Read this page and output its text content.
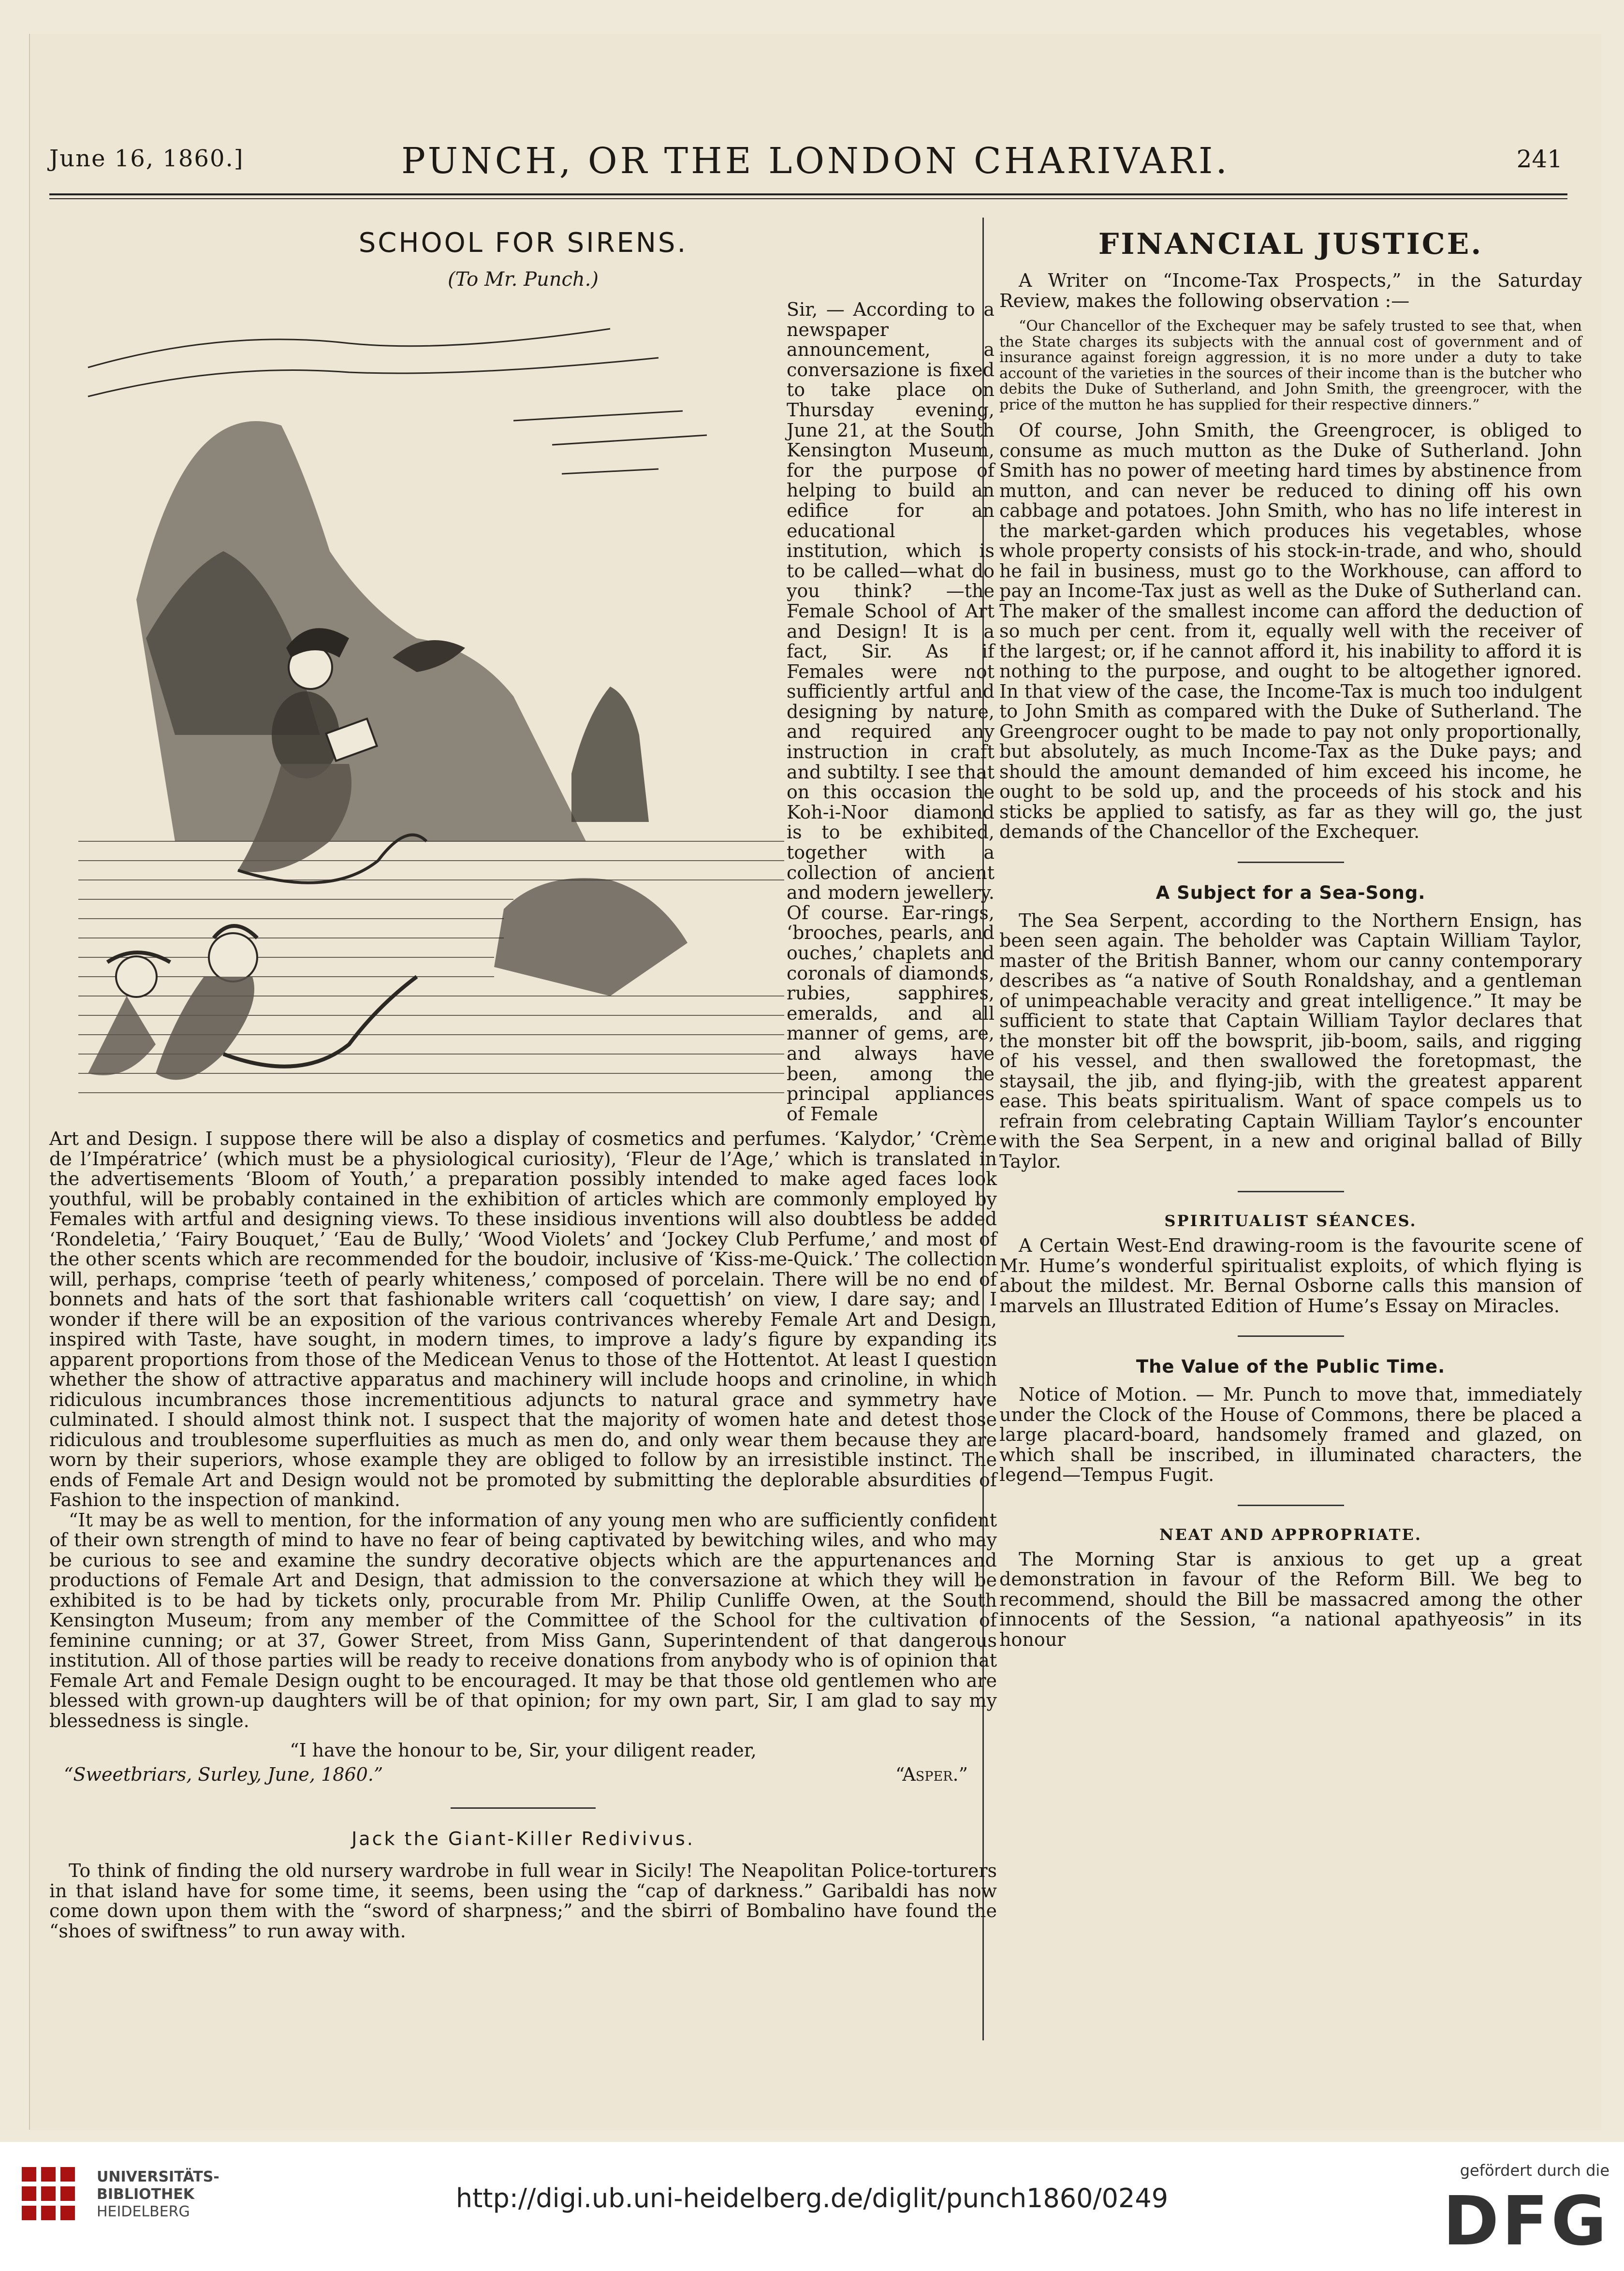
June 16, 1860.]	PUNCH, OR THE LONDON CHARIVARI.	241
SCHOOL FOR SIRENS.

(To Mr. Punch.)

Sir, — According to a newspaper announcement, a conversazione is fixed to take place on Thursday evening, June 21, at the South Kensington Museum, for the purpose of helping to build an edifice for an educational institution, which is to be called—what do you think? —the Female School of Art and Design! It is a fact, Sir. As if Females were not sufficiently artful and designing by nature, and required any instruction in craft and subtilty. I see that on this occasion the Koh-i-Noor diamond is to be exhibited, together with a collection of ancient and modern jewellery. Of course. Ear-rings, ‘brooches, pearls, and ouches,’ chaplets and coronals of diamonds, rubies, sapphires, emeralds, and all manner of gems, are, and always have been, among the principal appliances of Female

Art and Design. I suppose there will be also a display of cosmetics and perfumes. ‘Kalydor,’ ‘Crème de l’Impératrice’ (which must be a physiological curiosity), ‘Fleur de l’Age,’ which is translated in the advertisements ‘Bloom of Youth,’ a preparation possibly intended to make aged faces look youthful, will be probably contained in the exhibition of articles which are commonly employed by Females with artful and designing views. To these insidious inventions will also doubtless be added ‘Rondeletia,’ ‘Fairy Bouquet,’ ‘Eau de Bully,’ ‘Wood Violets’ and ‘Jockey Club Perfume,’ and most of the other scents which are recommended for the boudoir, inclusive of ‘Kiss-me-Quick.’ The collection will, perhaps, comprise ‘teeth of pearly whiteness,’ composed of porcelain. There will be no end of bonnets and hats of the sort that fashionable writers call ‘coquettish’ on view, I dare say; and I wonder if there will be an exposition of the various contrivances whereby Female Art and Design, inspired with Taste, have sought, in modern times, to improve a lady’s figure by expanding its apparent proportions from those of the Medicean Venus to those of the Hottentot. At least I question whether the show of attractive apparatus and machinery will include hoops and crinoline, in which ridiculous incumbrances those incrementitious adjuncts to natural grace and symmetry have culminated. I should almost think not. I suspect that the majority of women hate and detest those ridiculous and troublesome superfluities as much as men do, and only wear them because they are worn by their superiors, whose example they are obliged to follow by an irresistible instinct. The ends of Female Art and Design would not be promoted by submitting the deplorable absurdities of Fashion to the inspection of mankind.

“It may be as well to mention, for the information of any young men who are sufficiently confident of their own strength of mind to have no fear of being captivated by bewitching wiles, and who may be curious to see and examine the sundry decorative objects which are the appurtenances and productions of Female Art and Design, that admission to the conversazione at which they will be exhibited is to be had by tickets only, procurable from Mr. Philip Cunliffe Owen, at the South Kensington Museum; from any member of the Committee of the School for the cultivation of feminine cunning; or at 37, Gower Street, from Miss Gann, Superintendent of that dangerous institution. All of those parties will be ready to receive donations from anybody who is of opinion that Female Art and Female Design ought to be encouraged. It may be that those old gentlemen who are blessed with grown-up daughters will be of that opinion; for my own part, Sir, I am glad to say my blessedness is single.

“I have the honour to be, Sir, your diligent reader,

“Sweetbriars, Surley, June, 1860.”	“Asper.”
Jack the Giant-Killer Redivivus.

To think of finding the old nursery wardrobe in full wear in Sicily! The Neapolitan Police-torturers in that island have for some time, it seems, been using the “cap of darkness.” Garibaldi has now come down upon them with the “sword of sharpness;” and the sbirri of Bombalino have found the “shoes of swiftness” to run away with.

FINANCIAL JUSTICE.

A Writer on “Income-Tax Prospects,” in the Saturday Review, makes the following observation :—

“Our Chancellor of the Exchequer may be safely trusted to see that, when the State charges its subjects with the annual cost of government and of insurance against foreign aggression, it is no more under a duty to take account of the varieties in the sources of their income than is the butcher who debits the Duke of Sutherland, and John Smith, the greengrocer, with the price of the mutton he has supplied for their respective dinners.”

Of course, John Smith, the Greengrocer, is obliged to consume as much mutton as the Duke of Sutherland. John Smith has no power of meeting hard times by abstinence from mutton, and can never be reduced to dining off his own cabbage and potatoes. John Smith, who has no life interest in the market-garden which produces his vegetables, whose whole property consists of his stock-in-trade, and who, should he fail in business, must go to the Workhouse, can afford to pay an Income-Tax just as well as the Duke of Sutherland can. The maker of the smallest income can afford the deduction of so much per cent. from it, equally well with the receiver of the largest; or, if he cannot afford it, his inability to afford it is nothing to the purpose, and ought to be altogether ignored. In that view of the case, the Income-Tax is much too indulgent to John Smith as compared with the Duke of Sutherland. The Greengrocer ought to be made to pay not only proportionally, but absolutely, as much Income-Tax as the Duke pays; and should the amount demanded of him exceed his income, he ought to be sold up, and the proceeds of his stock and his sticks be applied to satisfy, as far as they will go, the just demands of the Chancellor of the Exchequer.

A Subject for a Sea-Song.

The Sea Serpent, according to the Northern Ensign, has been seen again. The beholder was Captain William Taylor, master of the British Banner, whom our canny contemporary describes as “a native of South Ronaldshay, and a gentleman of unimpeachable veracity and great intelligence.” It may be sufficient to state that Captain William Taylor declares that the monster bit off the bowsprit, jib-boom, sails, and rigging of his vessel, and then swallowed the foretopmast, the staysail, the jib, and flying-jib, with the greatest apparent ease. This beats spiritualism. Want of space compels us to refrain from celebrating Captain William Taylor’s encounter with the Sea Serpent, in a new and original ballad of Billy Taylor.

SPIRITUALIST SÉANCES.

A Certain West-End drawing-room is the favourite scene of Mr. Hume’s wonderful spiritualist exploits, of which flying is about the mildest. Mr. Bernal Osborne calls this mansion of marvels an Illustrated Edition of Hume’s Essay on Miracles.

The Value of the Public Time.

Notice of Motion. — Mr. Punch to move that, immediately under the Clock of the House of Commons, there be placed a large placard-board, handsomely framed and glazed, on which shall be inscribed, in illuminated characters, the legend—Tempus Fugit.

NEAT AND APPROPRIATE.

The Morning Star is anxious to get up a great demonstration in favour of the Reform Bill. We beg to recommend, should the Bill be massacred among the other innocents of the Session, “a national apathyeosis” in its honour

UNIVERSITÄTS-
BIBLIOTHEK
HEIDELBERG	http://digi.ub.uni-heidelberg.de/diglit/punch1860/0249
gefördert durch die
DFG
